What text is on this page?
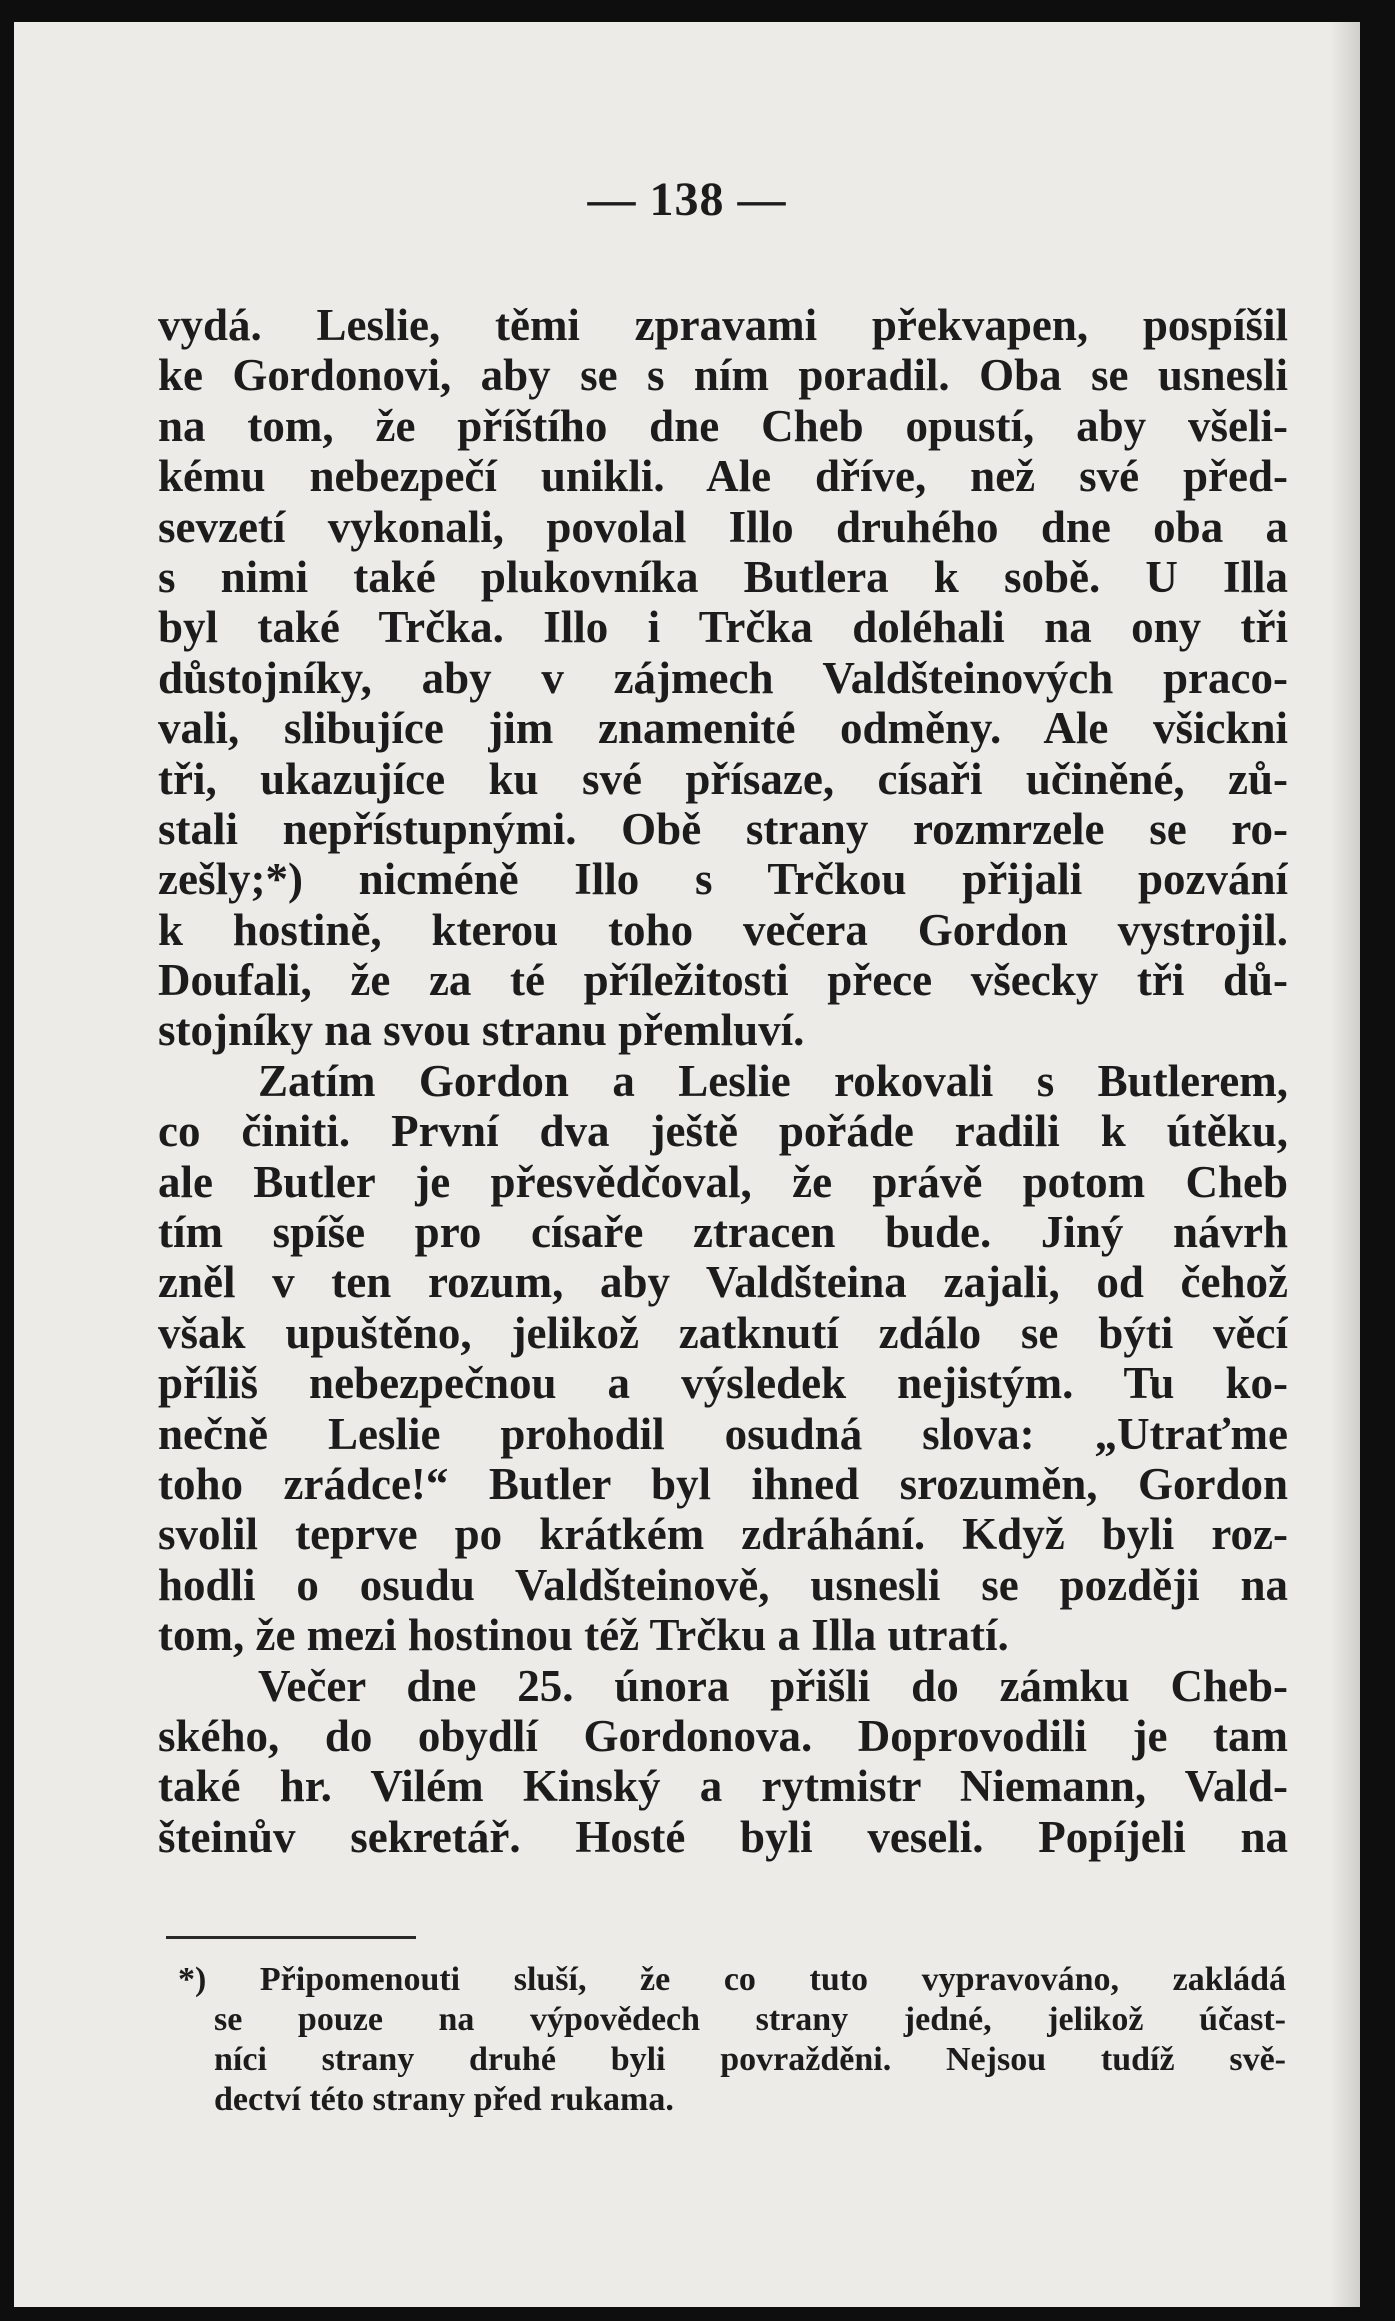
— 138 —

vydá. Leslie, těmi zpravami překvapen, pospíšil
ke Gordonovi, aby se s ním poradil. Oba se usnesli
na tom, že příštího dne Cheb opustí, aby všeli-
kému nebezpečí unikli. Ale dříve, než své před-
sevzetí vykonali, povolal Illo druhého dne oba a
s nimi také plukovníka Butlera k sobě. U Illa
byl také Trčka. Illo i Trčka doléhali na ony tři
důstojníky, aby v zájmech Valdšteinových praco-
vali, slibujíce jim znamenité odměny. Ale všickni
tři, ukazujíce ku své přísaze, císaři učiněné, zů-
stali nepřístupnými. Obě strany rozmrzele se ro-
zešly;*) nicméně Illo s Trčkou přijali pozvání
k hostině, kterou toho večera Gordon vystrojil.
Doufali, že za té příležitosti přece všecky tři dů-
stojníky na svou stranu přemluví.
Zatím Gordon a Leslie rokovali s Butlerem,
co činiti. První dva ještě pořáde radili k útěku,
ale Butler je přesvědčoval, že právě potom Cheb
tím spíše pro císaře ztracen bude. Jiný návrh
zněl v ten rozum, aby Valdšteina zajali, od čehož
však upuštěno, jelikož zatknutí zdálo se býti věcí
příliš nebezpečnou a výsledek nejistým. Tu ko-
nečně Leslie prohodil osudná slova: „Utraťme
toho zrádce!“ Butler byl ihned srozuměn, Gordon
svolil teprve po krátkém zdráhání. Když byli roz-
hodli o osudu Valdšteinově, usnesli se později na
tom, že mezi hostinou též Trčku a Illa utratí.
Večer dne 25. února přišli do zámku Cheb-
ského, do obydlí Gordonova. Doprovodili je tam
také hr. Vilém Kinský a rytmistr Niemann, Vald-
šteinův sekretář. Hosté byli veseli. Popíjeli na
*) Připomenouti sluší, že co tuto vypravováno, zakládá
se pouze na výpovědech strany jedné, jelikož účast-
níci strany druhé byli povražděni. Nejsou tudíž svě-
dectví této strany před rukama.
